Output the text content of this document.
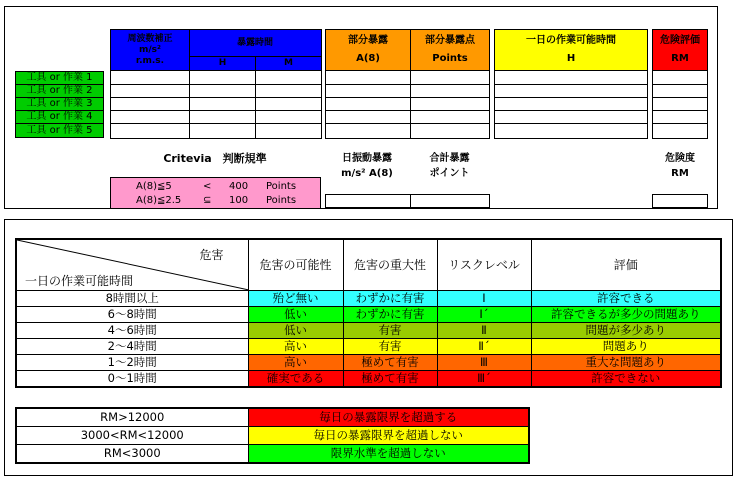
周波数補正
m/s²
r.m.s.
暴露時間
H	M
部分暴露
A(8)
部分暴露点
Points
一日の作業可能時間
H
危険評価
RM
工具 or 作業 1
工具 or 作業 2
工具 or 作業 3
工具 or 作業 4
工具 or 作業 5
Critevia　判断規準
A(8)≦5	< 400 Points
A(8)≦2.5 ⊆ 100 Points
日振動暴露
m/s² A(8)
合計暴露
ポイント
危険度
RM
危害
一日の作業可能時間	危害の可能性	危害の重大性	リスクレベル	評価
8時間以上	殆ど無い	わずかに有害	Ⅰ	許容できる
6～8時間	低い	わずかに有害	Ⅰ´	許容できるが多少の問題あり
4～6時間	低い	有害	Ⅱ	問題が多少あり
2～4時間	高い	有害	Ⅱ´	問題あり
1～2時間	高い	極めて有害	Ⅲ	重大な問題あり
0～1時間	確実である	極めて有害	Ⅲ´	許容できない
RM>12000	毎日の暴露限界を超過する
3000<RM<12000	毎日の暴露限界を超過しない
RM<3000	限界水準を超過しない
